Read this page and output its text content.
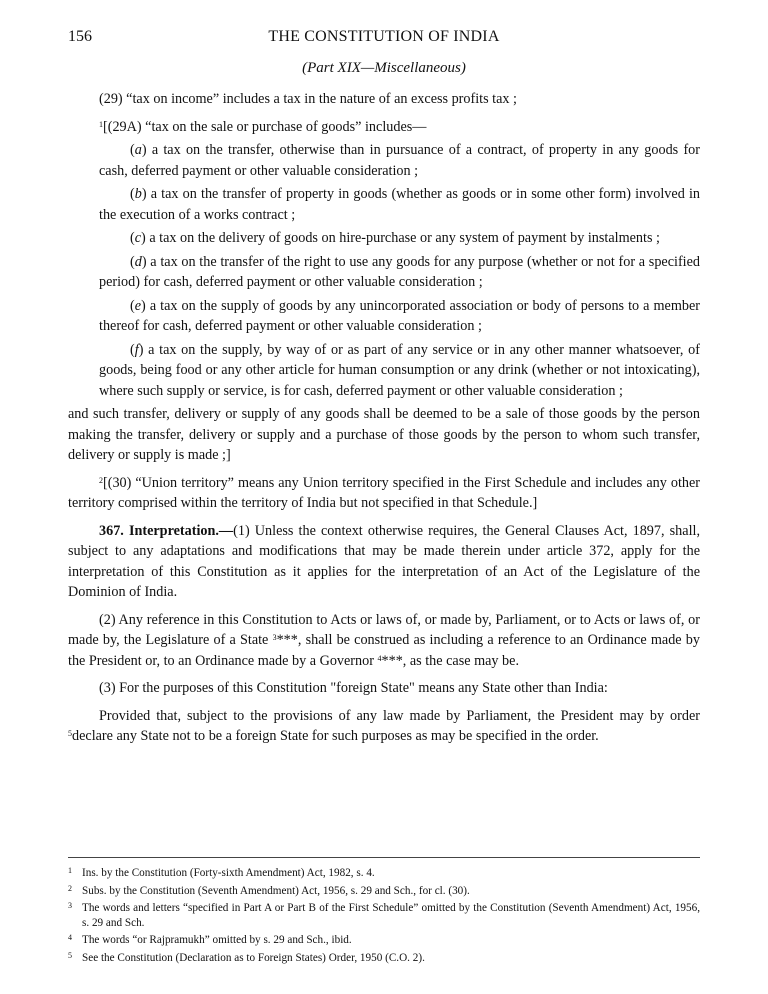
156	THE CONSTITUTION OF INDIA
(Part XIX—Miscellaneous)

(29) “tax on income” includes a tax in the nature of an excess profits tax ;

$^1$[(29A) “tax on the sale or purchase of goods” includes—

(a) a tax on the transfer, otherwise than in pursuance of a contract, of property in any goods for cash, deferred payment or other valuable consideration ;

(b) a tax on the transfer of property in goods (whether as goods or in some other form) involved in the execution of a works contract ;

(c) a tax on the delivery of goods on hire-purchase or any system of payment by instalments ;

(d) a tax on the transfer of the right to use any goods for any purpose (whether or not for a specified period) for cash, deferred payment or other valuable consideration ;

(e) a tax on the supply of goods by any unincorporated association or body of persons to a member thereof for cash, deferred payment or other valuable consideration ;

(f) a tax on the supply, by way of or as part of any service or in any other manner whatsoever, of goods, being food or any other article for human consumption or any drink (whether or not intoxicating), where such supply or service, is for cash, deferred payment or other valuable consideration ;

and such transfer, delivery or supply of any goods shall be deemed to be a sale of those goods by the person making the transfer, delivery or supply and a purchase of those goods by the person to whom such transfer, delivery or supply is made ;]

$^2$[(30) “Union territory” means any Union territory specified in the First Schedule and includes any other territory comprised within the territory of India but not specified in that Schedule.]

367. Interpretation.—(1) Unless the context otherwise requires, the General Clauses Act, 1897, shall, subject to any adaptations and modifications that may be made therein under article 372, apply for the interpretation of this Constitution as it applies for the interpretation of an Act of the Legislature of the Dominion of India.

(2) Any reference in this Constitution to Acts or laws of, or made by, Parliament, or to Acts or laws of, or made by, the Legislature of a State $^3$***, shall be construed as including a reference to an Ordinance made by the President or, to an Ordinance made by a Governor $^4$***, as the case may be.

(3) For the purposes of this Constitution "foreign State" means any State other than India:

Provided that, subject to the provisions of any law made by Parliament, the President may by order $^5$declare any State not to be a foreign State for such purposes as may be specified in the order.

1 Ins. by the Constitution (Forty-sixth Amendment) Act, 1982, s. 4.
2 Subs. by the Constitution (Seventh Amendment) Act, 1956, s. 29 and Sch., for cl. (30).
3 The words and letters “specified in Part A or Part B of the First Schedule” omitted by the Constitution (Seventh Amendment) Act, 1956, s. 29 and Sch.
4 The words “or Rajpramukh” omitted by s. 29 and Sch., ibid.
5 See the Constitution (Declaration as to Foreign States) Order, 1950 (C.O. 2).
